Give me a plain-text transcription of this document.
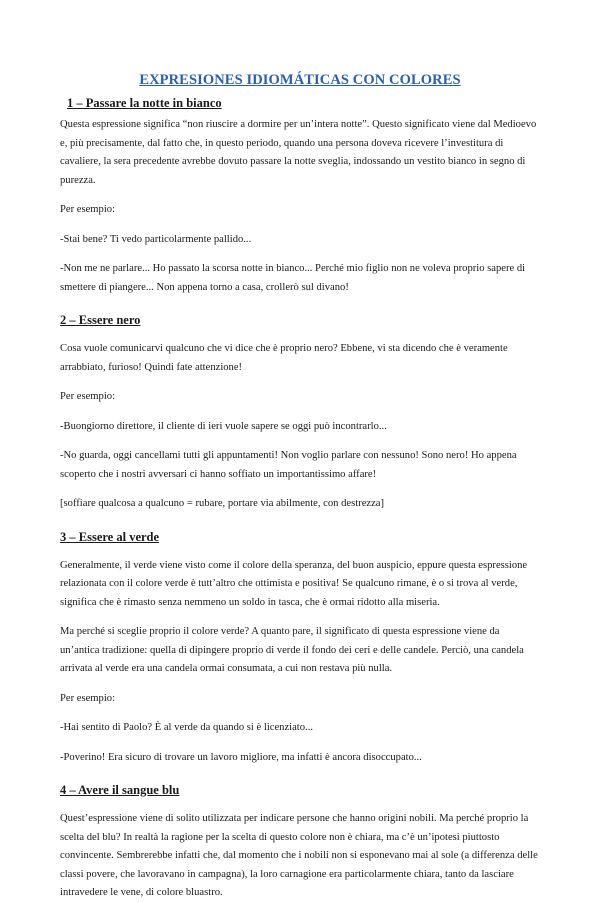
EXPRESIONES IDIOMÁTICAS CON COLORES
1 – Passare la notte in bianco

Questa espressione significa “non riuscire a dormire per un’intera notte”. Questo significato viene dal Medioevo e, più precisamente, dal fatto che, in questo periodo, quando una persona doveva ricevere l’investitura di cavaliere, la sera precedente avrebbe dovuto passare la notte sveglia, indossando un vestito bianco in segno di purezza.

Per esempio:

-Stai bene? Ti vedo particolarmente pallido...

-Non me ne parlare... Ho passato la scorsa notte in bianco... Perché mio figlio non ne voleva proprio sapere di smettere di piangere... Non appena torno a casa, crollerò sul divano!

2 – Essere nero

Cosa vuole comunicarvi qualcuno che vi dice che è proprio nero? Ebbene, vi sta dicendo che è veramente arrabbiato, furioso! Quindi fate attenzione!

Per esempio:

-Buongiorno direttore, il cliente di ieri vuole sapere se oggi può incontrarlo...

-No guarda, oggi cancellami tutti gli appuntamenti! Non voglio parlare con nessuno! Sono nero! Ho appena scoperto che i nostri avversari ci hanno soffiato un importantissimo affare!

[soffiare qualcosa a qualcuno = rubare, portare via abilmente, con destrezza]

3 – Essere al verde

Generalmente, il verde viene visto come il colore della speranza, del buon auspicio, eppure questa espressione relazionata con il colore verde è tutt’altro che ottimista e positiva! Se qualcuno rimane, è o si trova al verde, significa che è rimasto senza nemmeno un soldo in tasca, che è ormai ridotto alla miseria.

Ma perché si sceglie proprio il colore verde? A quanto pare, il significato di questa espressione viene da un’antica tradizione: quella di dipingere proprio di verde il fondo dei ceri e delle candele. Perciò, una candela arrivata al verde era una candela ormai consumata, a cui non restava più nulla.

Per esempio:

-Hai sentito di Paolo? È al verde da quando si è licenziato...

-Poverino! Era sicuro di trovare un lavoro migliore, ma infatti è ancora disoccupato...

4 – Avere il sangue blu

Quest’espressione viene di solito utilizzata per indicare persone che hanno origini nobili. Ma perché proprio la scelta del blu? In realtà la ragione per la scelta di questo colore non è chiara, ma c’è un’ipotesi piuttosto convincente. Sembrerebbe infatti che, dal momento che i nobili non si esponevano mai al sole (a differenza delle classi povere, che lavoravano in campagna), la loro carnagione era particolarmente chiara, tanto da lasciare intravedere le vene, di colore bluastro.
